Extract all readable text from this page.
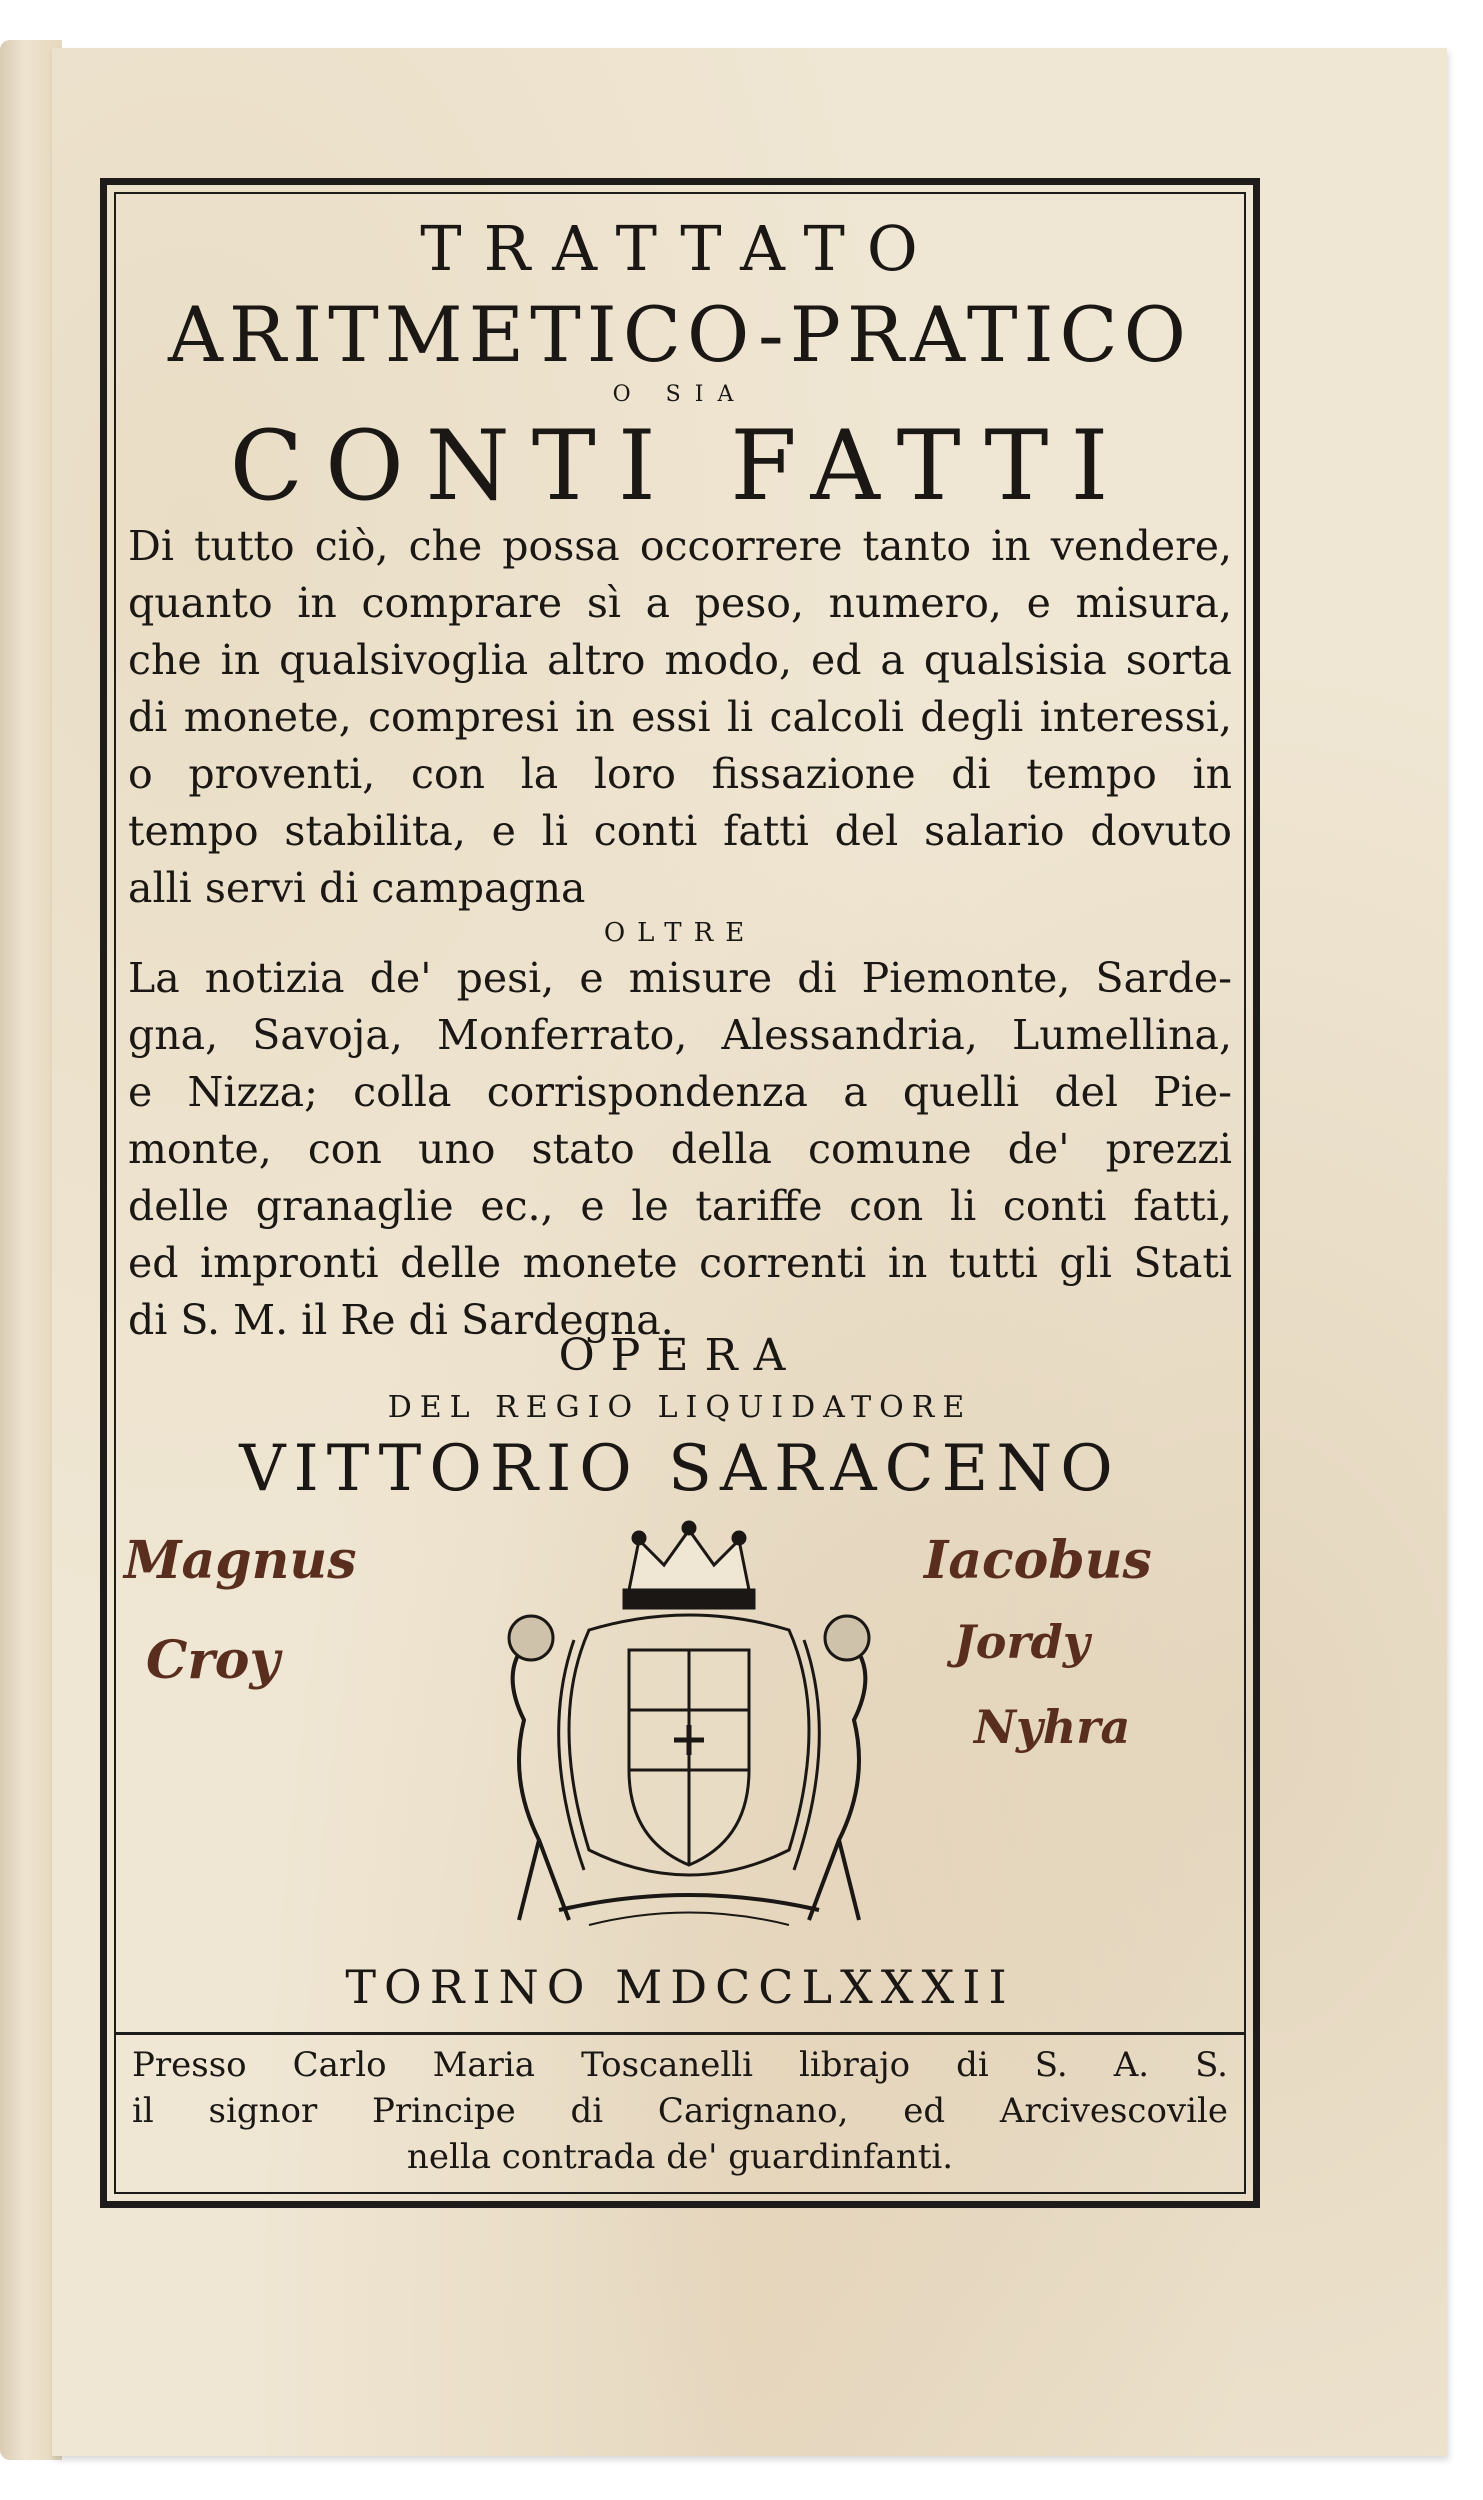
TRATTATO
ARITMETICO-PRATICO
O SIA
CONTI FATTI
Di tutto ciò, che possa occorrere tanto in vendere,
quanto in comprare sì a peso, numero, e misura,
che in qualsivoglia altro modo, ed a qualsisia sorta
di monete, compresi in essi li calcoli degli interessi,
o proventi, con la loro fissazione di tempo in
tempo stabilita, e li conti fatti del salario dovuto
alli servi di campagna
OLTRE
La notizia de' pesi, e misure di Piemonte, Sarde-
gna, Savoja, Monferrato, Alessandria, Lumellina,
e Nizza; colla corrispondenza a quelli del Pie-
monte, con uno stato della comune de' prezzi
delle granaglie ec., e le tariffe con li conti fatti,
ed impronti delle monete correnti in tutti gli Stati
di S. M. il Re di Sardegna.
OPERA
DEL REGIO LIQUIDATORE
VITTORIO SARACENO
Magnus
Croy
Iacobus
Jordy
Nyhra
TORINO MDCCLXXXII
Presso Carlo Maria Toscanelli librajo di S. A. S.
il signor Principe di Carignano, ed Arcivescovile
nella contrada de' guardinfanti.
